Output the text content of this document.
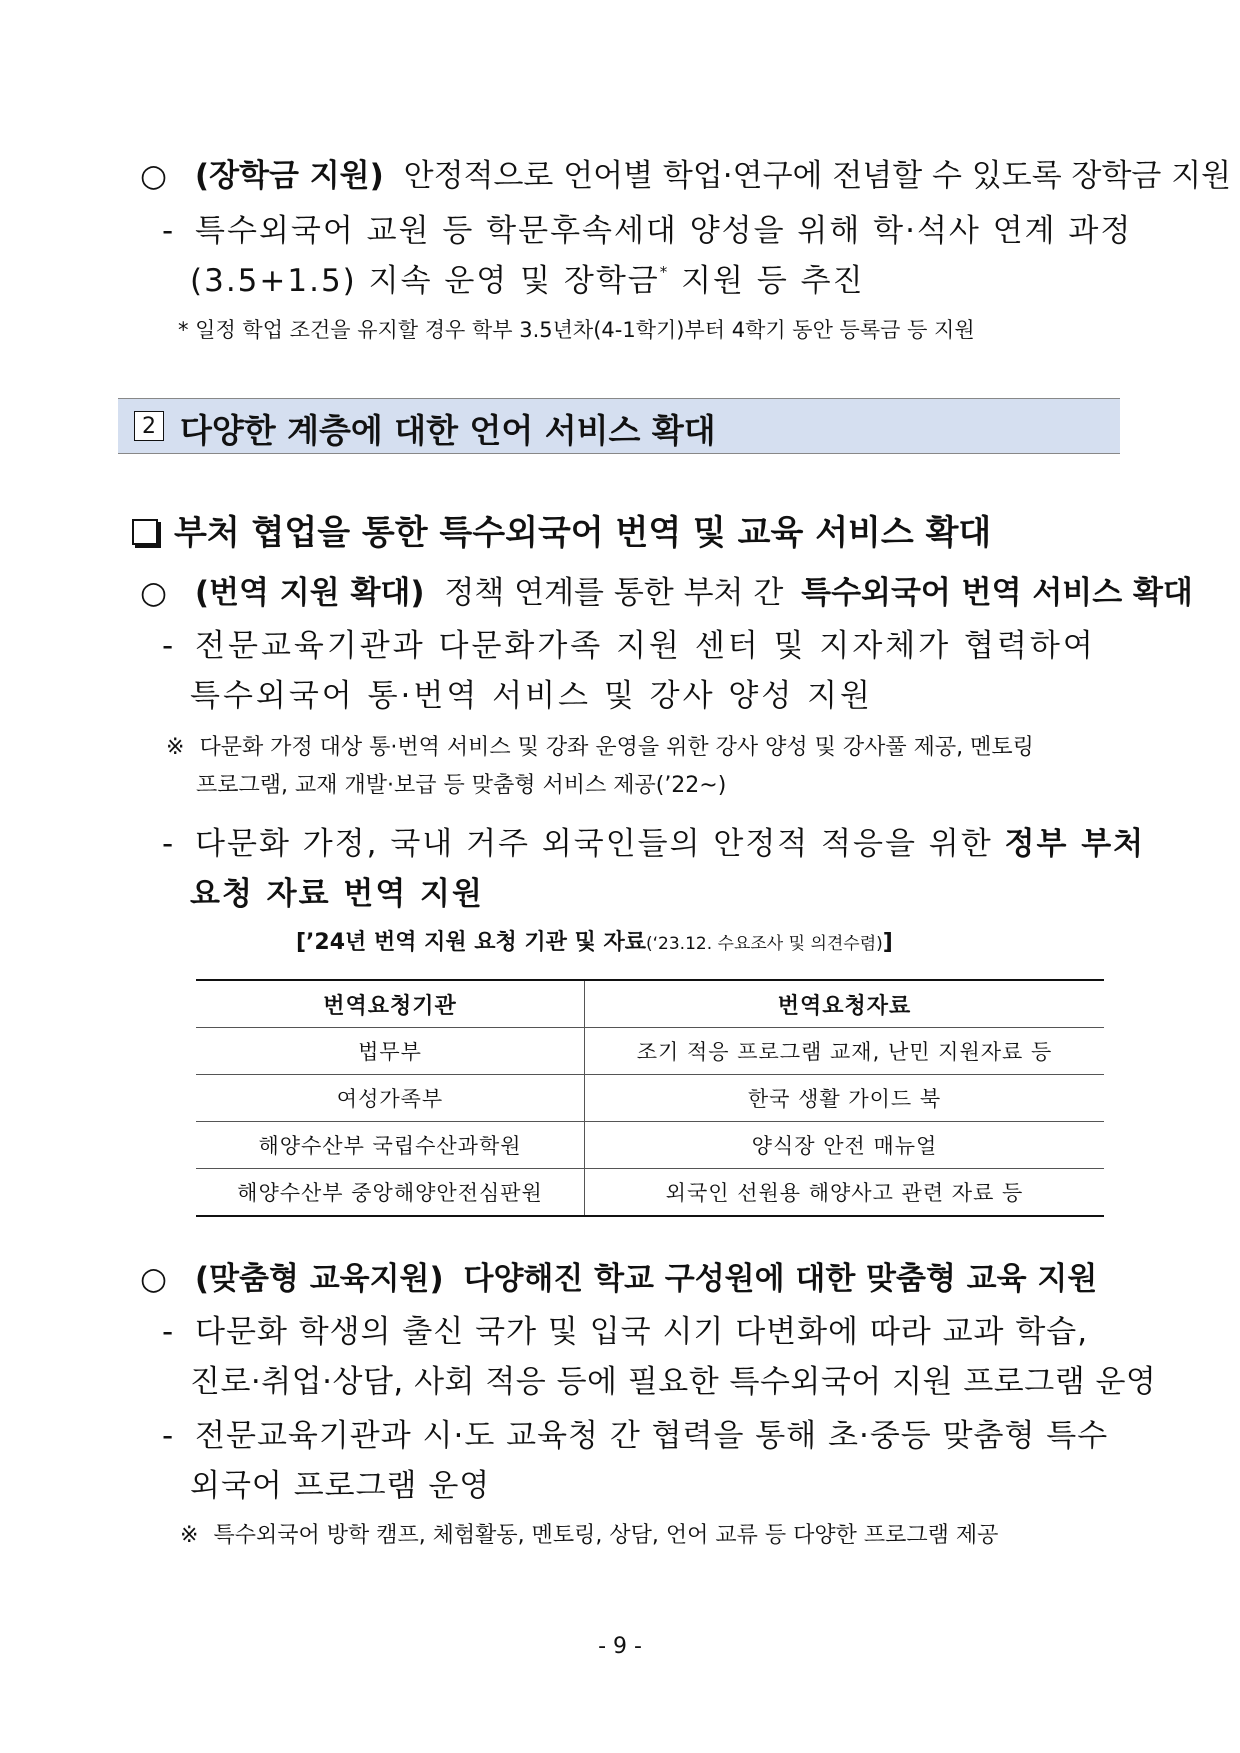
○ (장학금 지원) 안정적으로 언어별 학업·연구에 전념할 수 있도록 장학금 지원
- 특수외국어 교원 등 학문후속세대 양성을 위해 학·석사 연계 과정
(3.5+1.5) 지속 운영 및 장학금* 지원 등 추진
* 일정 학업 조건을 유지할 경우 학부 3.5년차(4-1학기)부터 4학기 동안 등록금 등 지원
2 다양한 계층에 대한 언어 서비스 확대
부처 협업을 통한 특수외국어 번역 및 교육 서비스 확대
○ (번역 지원 확대) 정책 연계를 통한 부처 간 특수외국어 번역 서비스 확대
- 전문교육기관과 다문화가족 지원 센터 및 지자체가 협력하여
특수외국어 통·번역 서비스 및 강사 양성 지원
※ 다문화 가정 대상 통·번역 서비스 및 강좌 운영을 위한 강사 양성 및 강사풀 제공, 멘토링
프로그램, 교재 개발·보급 등 맞춤형 서비스 제공(’22~)
- 다문화 가정, 국내 거주 외국인들의 안정적 적응을 위한 정부 부처
요청 자료 번역 지원
[’24년 번역 지원 요청 기관 및 자료(‘23.12. 수요조사 및 의견수렴)]
번역요청기관	번역요청자료
법무부	조기 적응 프로그램 교재, 난민 지원자료 등
여성가족부	한국 생활 가이드 북
해양수산부 국립수산과학원	양식장 안전 매뉴얼
해양수산부 중앙해양안전심판원	외국인 선원용 해양사고 관련 자료 등
○ (맞춤형 교육지원) 다양해진 학교 구성원에 대한 맞춤형 교육 지원
- 다문화 학생의 출신 국가 및 입국 시기 다변화에 따라 교과 학습,
진로·취업·상담, 사회 적응 등에 필요한 특수외국어 지원 프로그램 운영
- 전문교육기관과 시·도 교육청 간 협력을 통해 초·중등 맞춤형 특수
외국어 프로그램 운영
※ 특수외국어 방학 캠프, 체험활동, 멘토링, 상담, 언어 교류 등 다양한 프로그램 제공
- 9 -
